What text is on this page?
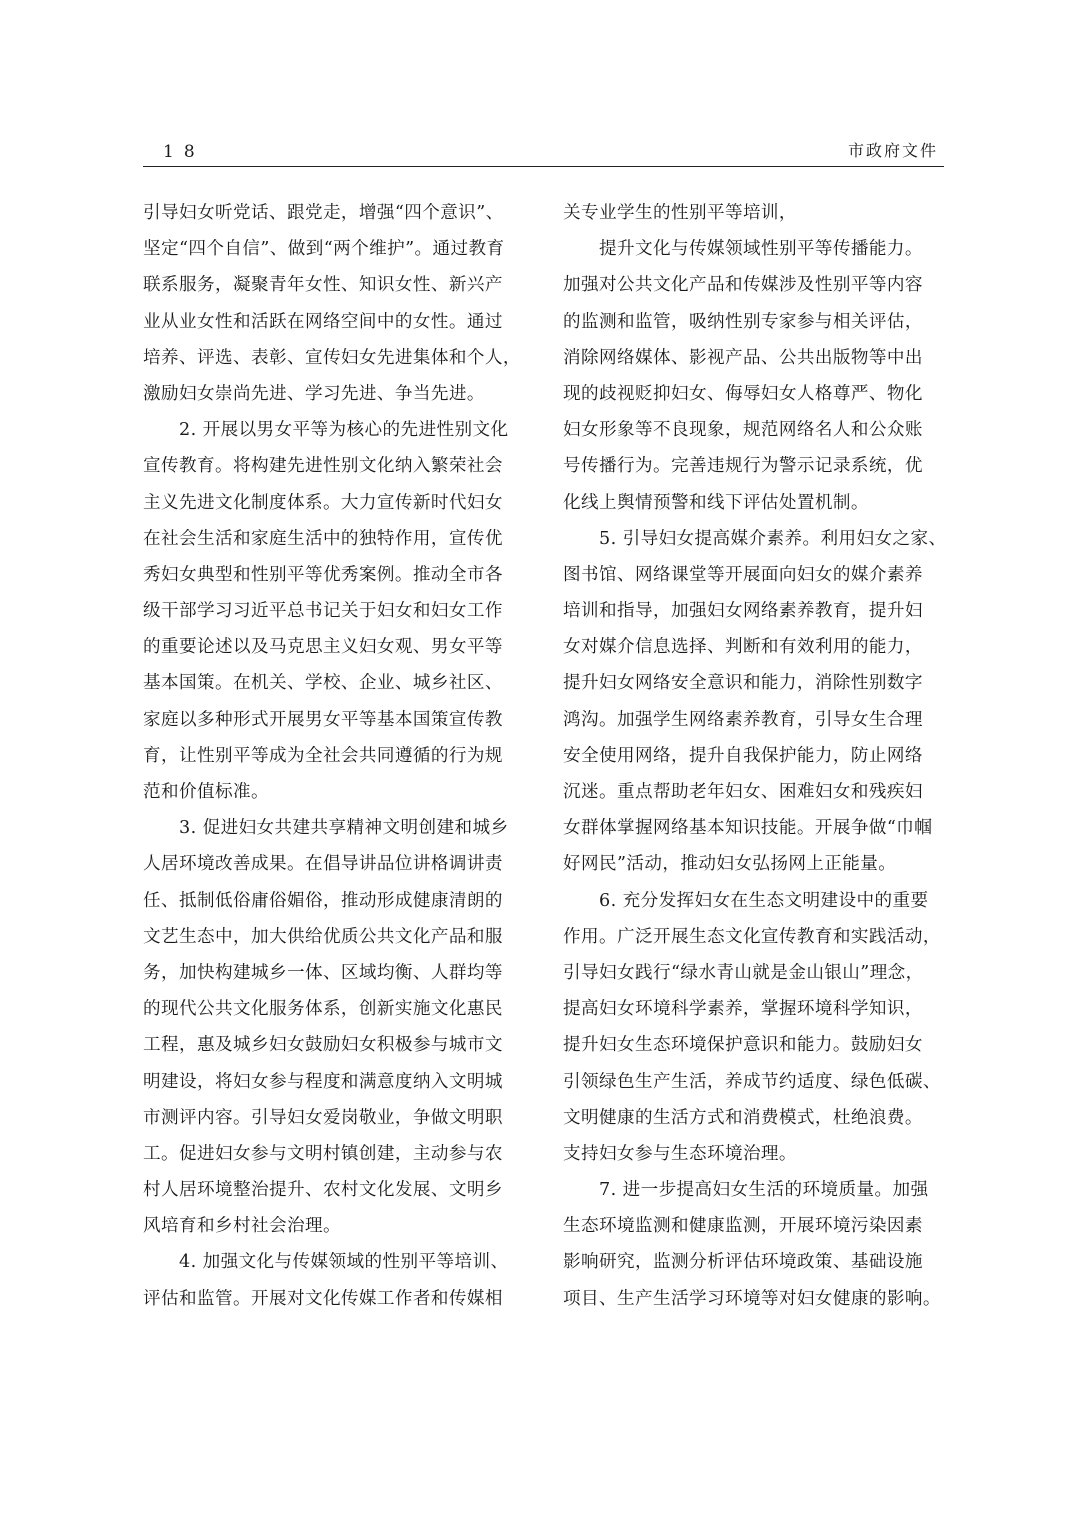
18	市政府文件
引导妇女听党话、跟党走，增强“四个意识”、
坚定“四个自信”、做到“两个维护”。通过教育
联系服务，凝聚青年女性、知识女性、新兴产
业从业女性和活跃在网络空间中的女性。通过
培养、评选、表彰、宣传妇女先进集体和个人，
激励妇女崇尚先进、学习先进、争当先进。
2. 开展以男女平等为核心的先进性别文化
宣传教育。将构建先进性别文化纳入繁荣社会
主义先进文化制度体系。大力宣传新时代妇女
在社会生活和家庭生活中的独特作用，宣传优
秀妇女典型和性别平等优秀案例。推动全市各
级干部学习习近平总书记关于妇女和妇女工作
的重要论述以及马克思主义妇女观、男女平等
基本国策。在机关、学校、企业、城乡社区、
家庭以多种形式开展男女平等基本国策宣传教
育，让性别平等成为全社会共同遵循的行为规
范和价值标准。
3. 促进妇女共建共享精神文明创建和城乡
人居环境改善成果。在倡导讲品位讲格调讲责
任、抵制低俗庸俗媚俗，推动形成健康清朗的
文艺生态中，加大供给优质公共文化产品和服
务，加快构建城乡一体、区域均衡、人群均等
的现代公共文化服务体系，创新实施文化惠民
工程，惠及城乡妇女鼓励妇女积极参与城市文
明建设，将妇女参与程度和满意度纳入文明城
市测评内容。引导妇女爱岗敬业，争做文明职
工。促进妇女参与文明村镇创建，主动参与农
村人居环境整治提升、农村文化发展、文明乡
风培育和乡村社会治理。
4. 加强文化与传媒领域的性别平等培训、
评估和监管。开展对文化传媒工作者和传媒相
关专业学生的性别平等培训，
提升文化与传媒领域性别平等传播能力。
加强对公共文化产品和传媒涉及性别平等内容
的监测和监管，吸纳性别专家参与相关评估，
消除网络媒体、影视产品、公共出版物等中出
现的歧视贬抑妇女、侮辱妇女人格尊严、物化
妇女形象等不良现象，规范网络名人和公众账
号传播行为。完善违规行为警示记录系统，优
化线上舆情预警和线下评估处置机制。
5. 引导妇女提高媒介素养。利用妇女之家、
图书馆、网络课堂等开展面向妇女的媒介素养
培训和指导，加强妇女网络素养教育，提升妇
女对媒介信息选择、判断和有效利用的能力，
提升妇女网络安全意识和能力，消除性别数字
鸿沟。加强学生网络素养教育，引导女生合理
安全使用网络，提升自我保护能力，防止网络
沉迷。重点帮助老年妇女、困难妇女和残疾妇
女群体掌握网络基本知识技能。开展争做“巾帼
好网民”活动，推动妇女弘扬网上正能量。
6. 充分发挥妇女在生态文明建设中的重要
作用。广泛开展生态文化宣传教育和实践活动，
引导妇女践行“绿水青山就是金山银山”理念，
提高妇女环境科学素养，掌握环境科学知识，
提升妇女生态环境保护意识和能力。鼓励妇女
引领绿色生产生活，养成节约适度、绿色低碳、
文明健康的生活方式和消费模式，杜绝浪费。
支持妇女参与生态环境治理。
7. 进一步提高妇女生活的环境质量。加强
生态环境监测和健康监测，开展环境污染因素
影响研究，监测分析评估环境政策、基础设施
项目、生产生活学习环境等对妇女健康的影响。
